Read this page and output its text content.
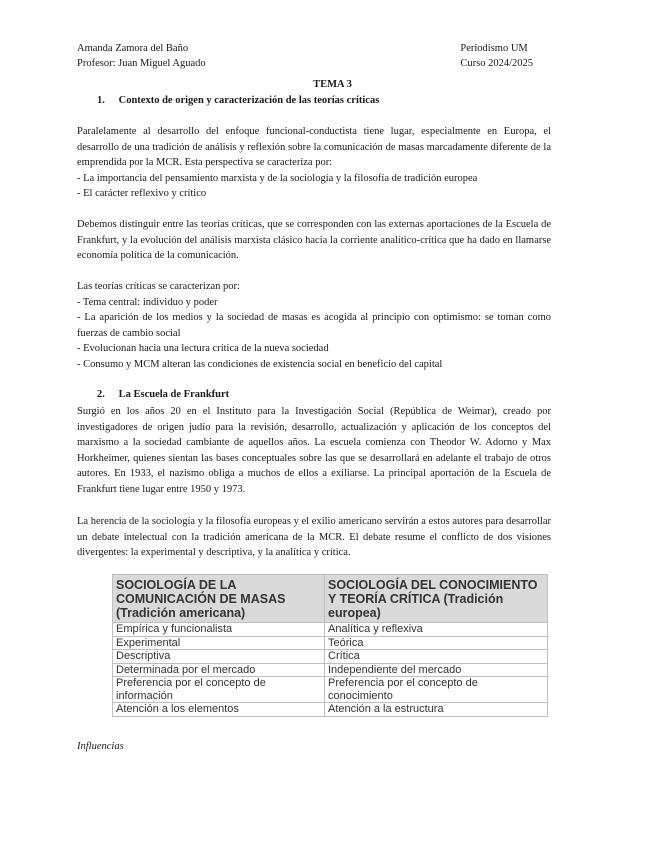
Amanda Zamora del Baño
Profesor: Juan Miguel Aguado
Periodismo UM
Curso 2024/2025
TEMA 3
1. Contexto de origen y caracterización de las teorías críticas

Paralelamente al desarrollo del enfoque funcional-conductista tiene lugar, especialmente en Europa, el desarrollo de una tradición de análisis y reflexión sobre la comunicación de masas marcadamente diferente de la emprendida por la MCR. Esta perspectiva se caracteriza por:

- La importancia del pensamiento marxista y de la sociología y la filosofía de tradición europea

- El carácter reflexivo y crítico

Debemos distinguir entre las teorías críticas, que se corresponden con las externas aportaciones de la Escuela de Frankfurt, y la evolución del análisis marxista clásico hacia la corriente analítico-crítica que ha dado en llamarse economía política de la comunicación.

Las teorías críticas se caracterizan por:

- Tema central: individuo y poder

- La aparición de los medios y la sociedad de masas es acogida al principio con optimismo: se toman como fuerzas de cambio social

- Evolucionan hacia una lectura crítica de la nueva sociedad

- Consumo y MCM alteran las condiciones de existencia social en beneficio del capital

2. La Escuela de Frankfurt

Surgió en los años 20 en el Instituto para la Investigación Social (República de Weimar), creado por investigadores de origen judío para la revisión, desarrollo, actualización y aplicación de los conceptos del marxismo a la sociedad cambiante de aquellos años. La escuela comienza con Theodor W. Adorno y Max Horkheimer, quienes sientan las bases conceptuales sobre las que se desarrollará en adelante el trabajo de otros autores. En 1933, el nazismo obliga a muchos de ellos a exiliarse. La principal aportación de la Escuela de Frankfurt tiene lugar entre 1950 y 1973.

La herencia de la sociología y la filosofía europeas y el exilio americano servirán a estos autores para desarrollar un debate intelectual con la tradición americana de la MCR. El debate resume el conflicto de dos visiones divergentes: la experimental y descriptiva, y la analítica y crítica.

SOCIOLOGÍA DE LA COMUNICACIÓN DE MASAS (Tradición americana)	SOCIOLOGÍA DEL CONOCIMIENTO Y TEORÍA CRÍTICA (Tradición europea)
Empírica y funcionalista	Analítica y reflexiva
Experimental	Teórica
Descriptiva	Crítica
Determinada por el mercado	Independiente del mercado
Preferencia por el concepto de información	Preferencia por el concepto de conocimiento
Atención a los elementos	Atención a la estructura
Influencias
